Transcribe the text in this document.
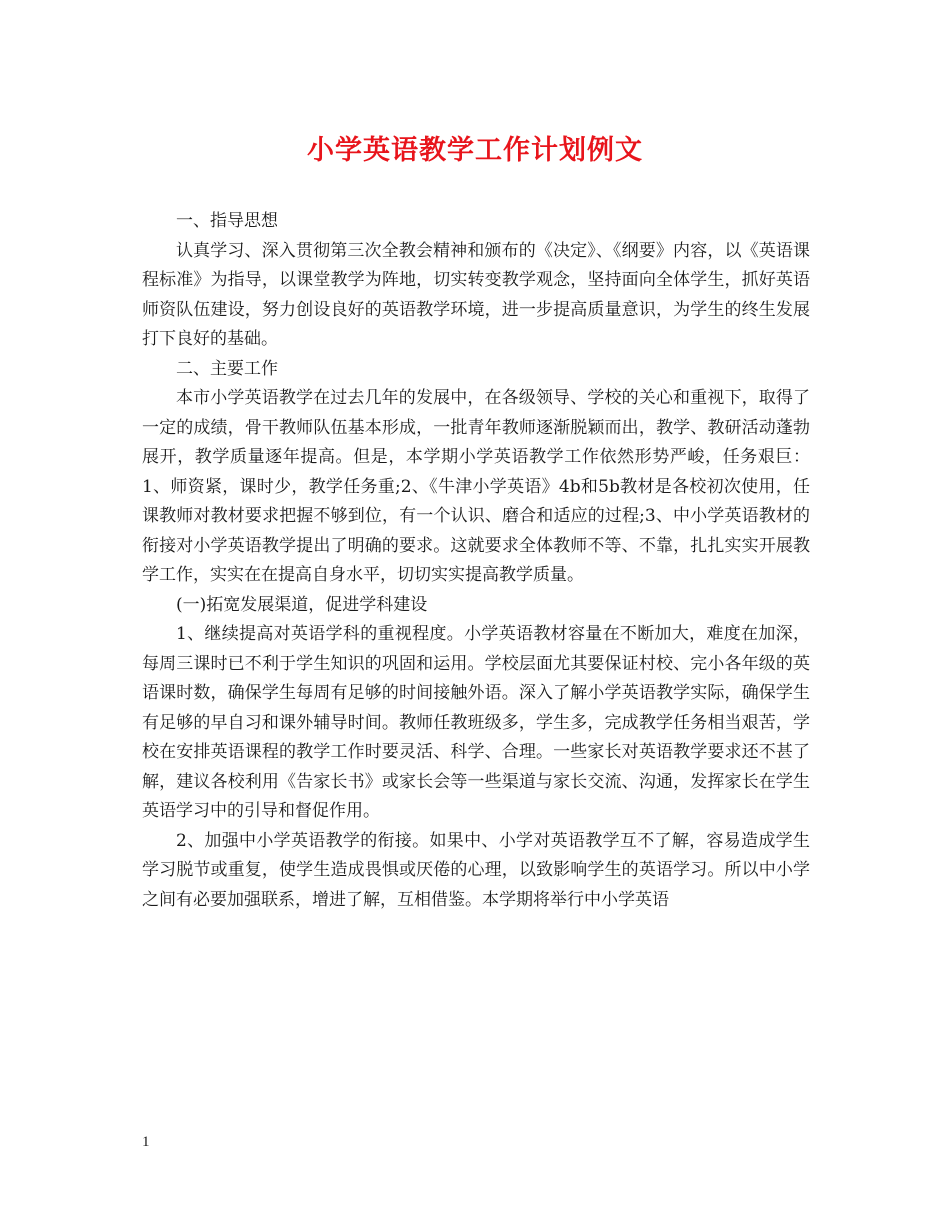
小学英语教学工作计划例文

一、指导思想

认真学习、深入贯彻第三次全教会精神和颁布的《决定》、《纲要》内容，以《英语课程标准》为指导，以课堂教学为阵地，切实转变教学观念，坚持面向全体学生，抓好英语师资队伍建设，努力创设良好的英语教学环境，进一步提高质量意识，为学生的终生发展打下良好的基础。

二、主要工作

本市小学英语教学在过去几年的发展中，在各级领导、学校的关心和重视下，取得了一定的成绩，骨干教师队伍基本形成，一批青年教师逐渐脱颖而出，教学、教研活动蓬勃展开，教学质量逐年提高。但是，本学期小学英语教学工作依然形势严峻，任务艰巨：1、师资紧，课时少，教学任务重;2、《牛津小学英语》4b和5b教材是各校初次使用，任课教师对教材要求把握不够到位，有一个认识、磨合和适应的过程;3、中小学英语教材的衔接对小学英语教学提出了明确的要求。这就要求全体教师不等、不靠，扎扎实实开展教学工作，实实在在提高自身水平，切切实实提高教学质量。

(一)拓宽发展渠道，促进学科建设

1、继续提高对英语学科的重视程度。小学英语教材容量在不断加大，难度在加深，每周三课时已不利于学生知识的巩固和运用。学校层面尤其要保证村校、完小各年级的英语课时数，确保学生每周有足够的时间接触外语。深入了解小学英语教学实际，确保学生有足够的早自习和课外辅导时间。教师任教班级多，学生多，完成教学任务相当艰苦，学校在安排英语课程的教学工作时要灵活、科学、合理。一些家长对英语教学要求还不甚了解，建议各校利用《告家长书》或家长会等一些渠道与家长交流、沟通，发挥家长在学生英语学习中的引导和督促作用。

2、加强中小学英语教学的衔接。如果中、小学对英语教学互不了解，容易造成学生学习脱节或重复，使学生造成畏惧或厌倦的心理，以致影响学生的英语学习。所以中小学之间有必要加强联系，增进了解，互相借鉴。本学期将举行中小学英语

1
